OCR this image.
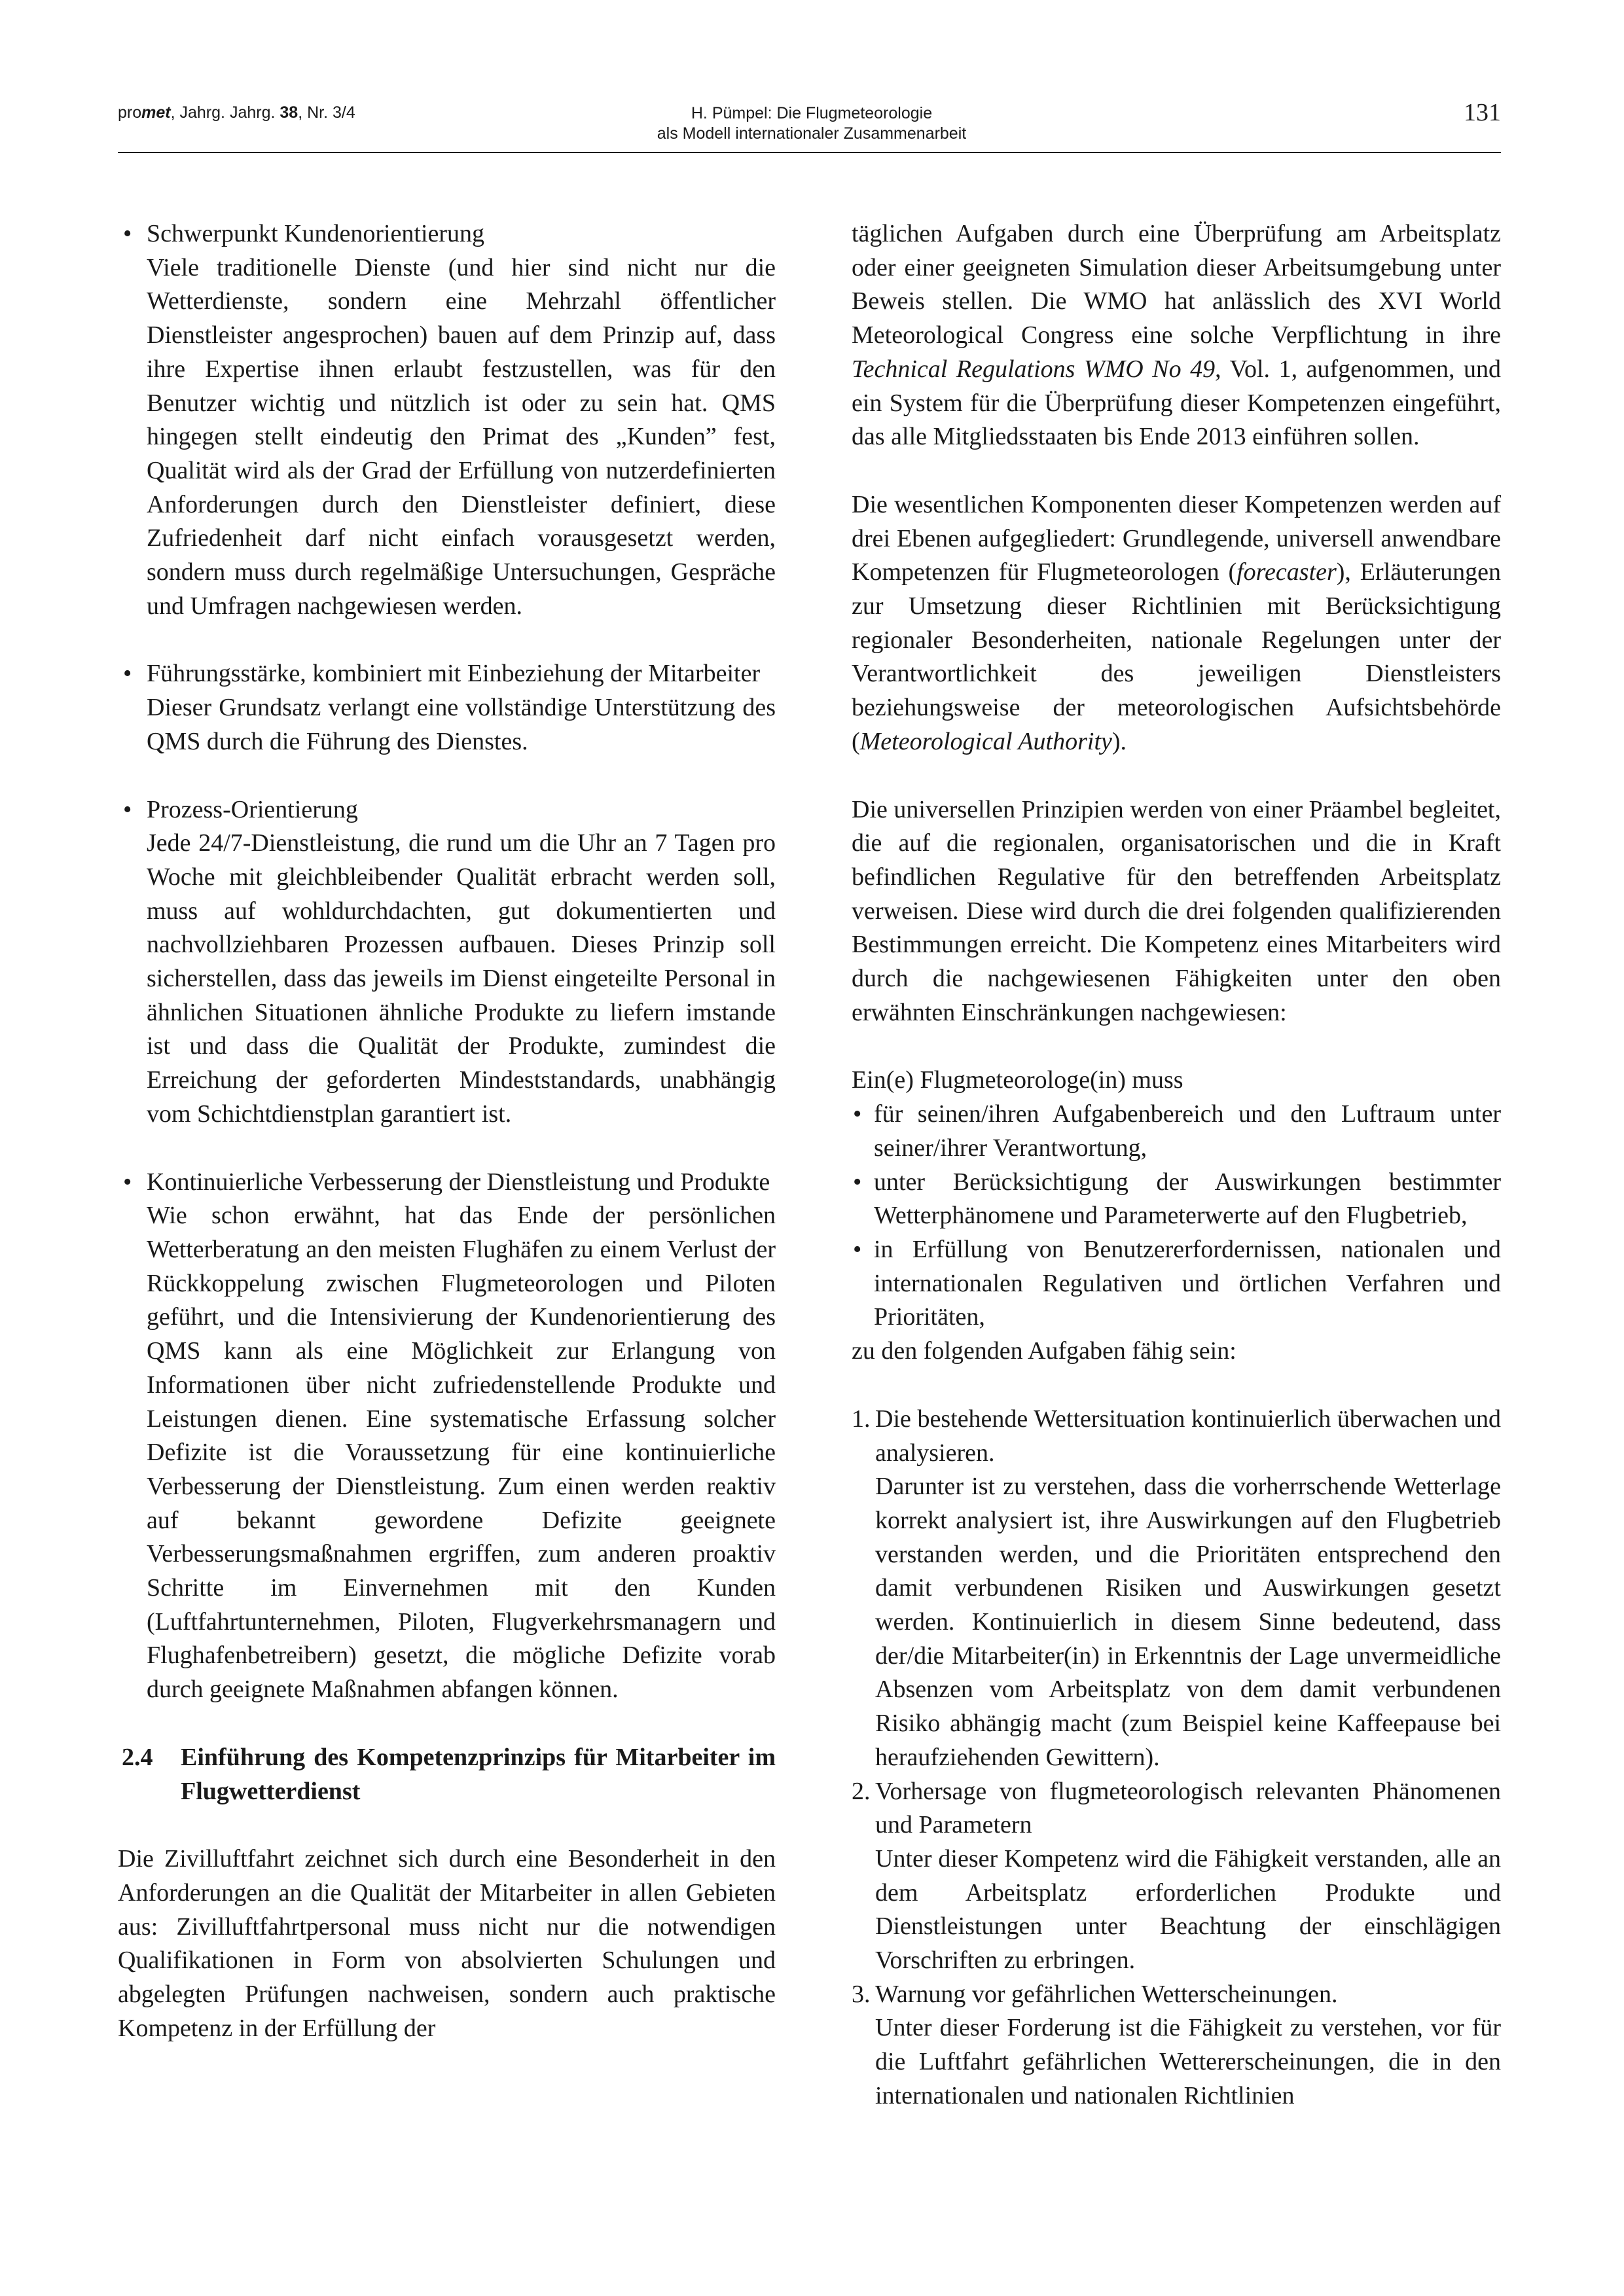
promet, Jahrg. Jahrg. 38, Nr. 3/4	H. Pümpel: Die Flugmeteorologie
als Modell internationaler Zusammenarbeit
131

• Schwerpunkt Kundenorientierung

Viele traditionelle Dienste (und hier sind nicht nur die Wetterdienste, sondern eine Mehrzahl öffentlicher Dienstleister angesprochen) bauen auf dem Prinzip auf, dass ihre Expertise ihnen erlaubt festzustellen, was für den Benutzer wichtig und nützlich ist oder zu sein hat. QMS hingegen stellt eindeutig den Primat des „Kunden” fest, Qualität wird als der Grad der Erfüllung von nutzerdefinierten Anforderungen durch den Dienstleister definiert, diese Zufriedenheit darf nicht einfach vorausgesetzt werden, sondern muss durch regelmäßige Untersuchungen, Gespräche und Umfragen nachgewiesen werden.

• Führungsstärke, kombiniert mit Einbeziehung der Mitarbeiter

Dieser Grundsatz verlangt eine vollständige Unterstützung des QMS durch die Führung des Dienstes.

• Prozess-Orientierung

Jede 24/7-Dienstleistung, die rund um die Uhr an 7 Tagen pro Woche mit gleichbleibender Qualität erbracht werden soll, muss auf wohldurchdachten, gut dokumentierten und nachvollziehbaren Prozessen aufbauen. Dieses Prinzip soll sicherstellen, dass das jeweils im Dienst eingeteilte Personal in ähnlichen Situationen ähnliche Produkte zu liefern imstande ist und dass die Qualität der Produkte, zumindest die Erreichung der geforderten Mindeststandards, unabhängig vom Schichtdienstplan garantiert ist.

• Kontinuierliche Verbesserung der Dienstleistung und Produkte

Wie schon erwähnt, hat das Ende der persönlichen Wetterberatung an den meisten Flughäfen zu einem Verlust der Rückkoppelung zwischen Flugmeteorologen und Piloten geführt, und die Intensivierung der Kundenorientierung des QMS kann als eine Möglichkeit zur Erlangung von Informationen über nicht zufriedenstellende Produkte und Leistungen dienen. Eine systematische Erfassung solcher Defizite ist die Voraussetzung für eine kontinuierliche Verbesserung der Dienstleistung. Zum einen werden reaktiv auf bekannt gewordene Defizite geeignete Verbesserungsmaßnahmen ergriffen, zum anderen proaktiv Schritte im Einvernehmen mit den Kunden (Luftfahrtunternehmen, Piloten, Flugverkehrsmanagern und Flughafenbetreibern) gesetzt, die mögliche Defizite vorab durch geeignete Maßnahmen abfangen können.

2.4 Einführung des Kompetenzprinzips für Mitarbeiter im Flugwetterdienst

Die Zivilluftfahrt zeichnet sich durch eine Besonderheit in den Anforderungen an die Qualität der Mitarbeiter in allen Gebieten aus: Zivilluftfahrtpersonal muss nicht nur die notwendigen Qualifikationen in Form von absolvierten Schulungen und abgelegten Prüfungen nachweisen, sondern auch praktische Kompetenz in der Erfüllung der

täglichen Aufgaben durch eine Überprüfung am Arbeitsplatz oder einer geeigneten Simulation dieser Arbeitsumgebung unter Beweis stellen. Die WMO hat anlässlich des XVI World Meteorological Congress eine solche Verpflichtung in ihre Technical Regulations WMO No 49, Vol. 1, aufgenommen, und ein System für die Überprüfung dieser Kompetenzen eingeführt, das alle Mitgliedsstaaten bis Ende 2013 einführen sollen.

Die wesentlichen Komponenten dieser Kompetenzen werden auf drei Ebenen aufgegliedert: Grundlegende, universell anwendbare Kompetenzen für Flugmeteorologen (forecaster), Erläuterungen zur Umsetzung dieser Richtlinien mit Berücksichtigung regionaler Besonderheiten, nationale Regelungen unter der Verantwortlichkeit des jeweiligen Dienstleisters beziehungsweise der meteorologischen Aufsichtsbehörde (Meteorological Authority).

Die universellen Prinzipien werden von einer Präambel begleitet, die auf die regionalen, organisatorischen und die in Kraft befindlichen Regulative für den betreffenden Arbeitsplatz verweisen. Diese wird durch die drei folgenden qualifizierenden Bestimmungen erreicht. Die Kompetenz eines Mitarbeiters wird durch die nachgewiesenen Fähigkeiten unter den oben erwähnten Einschränkungen nachgewiesen:

Ein(e) Flugmeteorologe(in) muss

• für seinen/ihren Aufgabenbereich und den Luftraum unter seiner/ihrer Verantwortung,

• unter Berücksichtigung der Auswirkungen bestimmter Wetterphänomene und Parameterwerte auf den Flugbetrieb,

• in Erfüllung von Benutzererfordernissen, nationalen und internationalen Regulativen und örtlichen Verfahren und Prioritäten,

zu den folgenden Aufgaben fähig sein:

1. Die bestehende Wettersituation kontinuierlich überwachen und analysieren.

Darunter ist zu verstehen, dass die vorherrschende Wetterlage korrekt analysiert ist, ihre Auswirkungen auf den Flugbetrieb verstanden werden, und die Prioritäten entsprechend den damit verbundenen Risiken und Auswirkungen gesetzt werden. Kontinuierlich in diesem Sinne bedeutend, dass der/die Mitarbeiter(in) in Erkenntnis der Lage unvermeidliche Absenzen vom Arbeitsplatz von dem damit verbundenen Risiko abhängig macht (zum Beispiel keine Kaffeepause bei heraufziehenden Gewittern).

2. Vorhersage von flugmeteorologisch relevanten Phänomenen und Parametern

Unter dieser Kompetenz wird die Fähigkeit verstanden, alle an dem Arbeitsplatz erforderlichen Produkte und Dienstleistungen unter Beachtung der einschlägigen Vorschriften zu erbringen.

3. Warnung vor gefährlichen Wetterscheinungen.

Unter dieser Forderung ist die Fähigkeit zu verstehen, vor für die Luftfahrt gefährlichen Wettererscheinungen, die in den internationalen und nationalen Richtlinien
